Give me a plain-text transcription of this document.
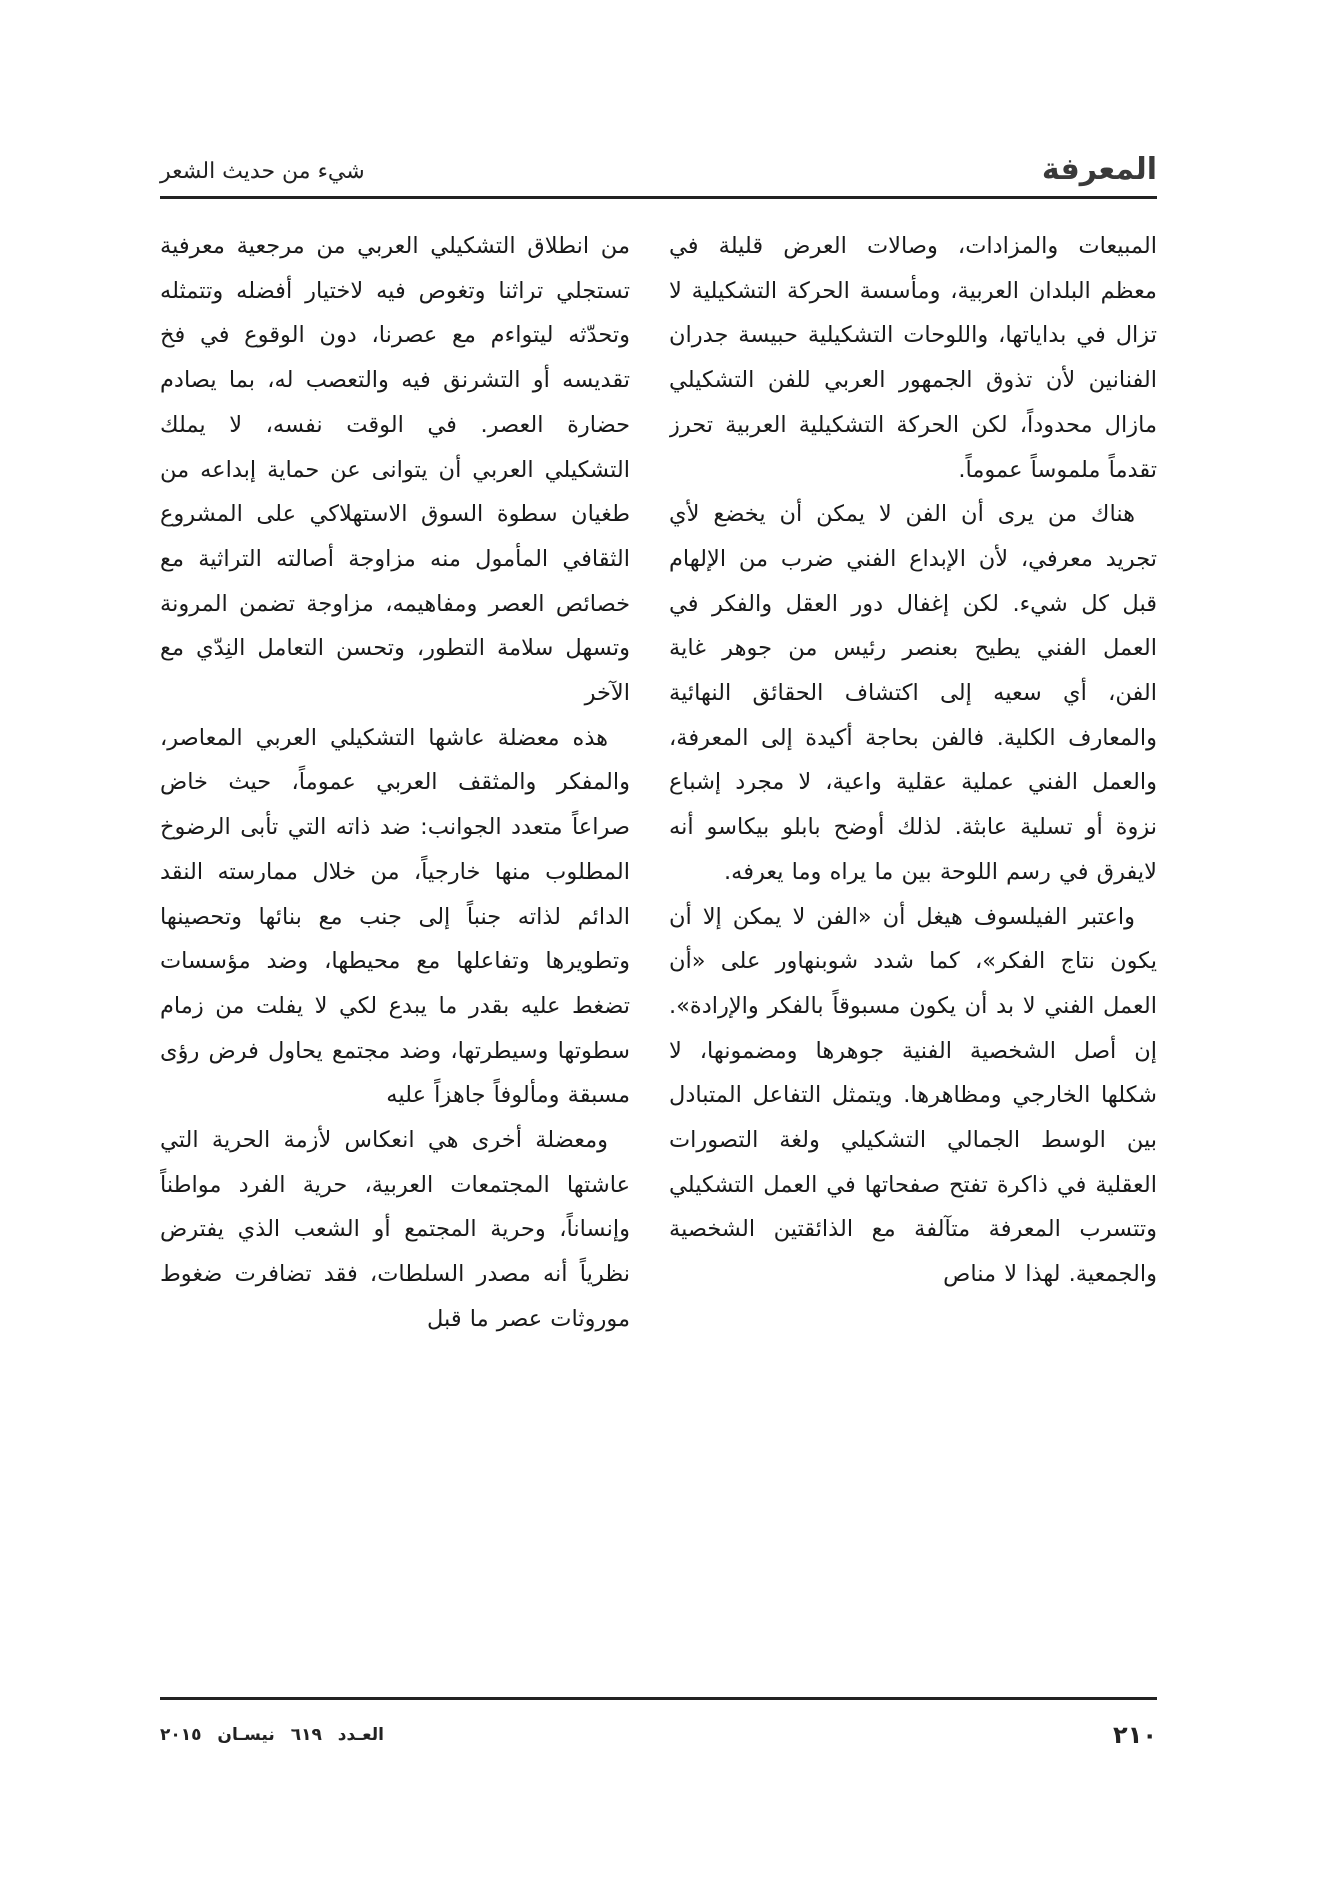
المعرفة
شيء من حديث الشعر

المبيعات والمزادات، وصالات العرض قليلة في معظم البلدان العربية، ومأسسة الحركة التشكيلية لا تزال في بداياتها، واللوحات التشكيلية حبيسة جدران الفنانين لأن تذوق الجمهور العربي للفن التشكيلي مازال محدوداً، لكن الحركة التشكيلية العربية تحرز تقدماً ملموساً عموماً.

هناك من يرى أن الفن لا يمكن أن يخضع لأي تجريد معرفي، لأن الإبداع الفني ضرب من الإلهام قبل كل شيء. لكن إغفال دور العقل والفكر في العمل الفني يطيح بعنصر رئيس من جوهر غاية الفن، أي سعيه إلى اكتشاف الحقائق النهائية والمعارف الكلية. فالفن بحاجة أكيدة إلى المعرفة، والعمل الفني عملية عقلية واعية، لا مجرد إشباع نزوة أو تسلية عابثة. لذلك أوضح بابلو بيكاسو أنه لايفرق في رسم اللوحة بين ما يراه وما يعرفه.

واعتبر الفيلسوف هيغل أن «الفن لا يمكن إلا أن يكون نتاج الفكر»، كما شدد شوبنهاور على «أن العمل الفني لا بد أن يكون مسبوقاً بالفكر والإرادة». إن أصل الشخصية الفنية جوهرها ومضمونها، لا شكلها الخارجي ومظاهرها. ويتمثل التفاعل المتبادل بين الوسط الجمالي التشكيلي ولغة التصورات العقلية في ذاكرة تفتح صفحاتها في العمل التشكيلي وتتسرب المعرفة متآلفة مع الذائقتين الشخصية والجمعية. لهذا لا مناص

من انطلاق التشكيلي العربي من مرجعية معرفية تستجلي تراثنا وتغوص فيه لاختيار أفضله وتتمثله وتحدّثه ليتواءم مع عصرنا، دون الوقوع في فخ تقديسه أو التشرنق فيه والتعصب له، بما يصادم حضارة العصر. في الوقت نفسه، لا يملك التشكيلي العربي أن يتوانى عن حماية إبداعه من طغيان سطوة السوق الاستهلاكي على المشروع الثقافي المأمول منه مزاوجة أصالته التراثية مع خصائص العصر ومفاهيمه، مزاوجة تضمن المرونة وتسهل سلامة التطور، وتحسن التعامل النِدّي مع الآخر

هذه معضلة عاشها التشكيلي العربي المعاصر، والمفكر والمثقف العربي عموماً، حيث خاض صراعاً متعدد الجوانب: ضد ذاته التي تأبى الرضوخ المطلوب منها خارجياً، من خلال ممارسته النقد الدائم لذاته جنباً إلى جنب مع بنائها وتحصينها وتطويرها وتفاعلها مع محيطها، وضد مؤسسات تضغط عليه بقدر ما يبدع لكي لا يفلت من زمام سطوتها وسيطرتها، وضد مجتمع يحاول فرض رؤى مسبقة ومألوفاً جاهزاً عليه

ومعضلة أخرى هي انعكاس لأزمة الحرية التي عاشتها المجتمعات العربية، حرية الفرد مواطناً وإنساناً، وحرية المجتمع أو الشعب الذي يفترض نظرياً أنه مصدر السلطات، فقد تضافرت ضغوط موروثات عصر ما قبل

٢١٠
العـدد ٦١٩ نيسـان ٢٠١٥
